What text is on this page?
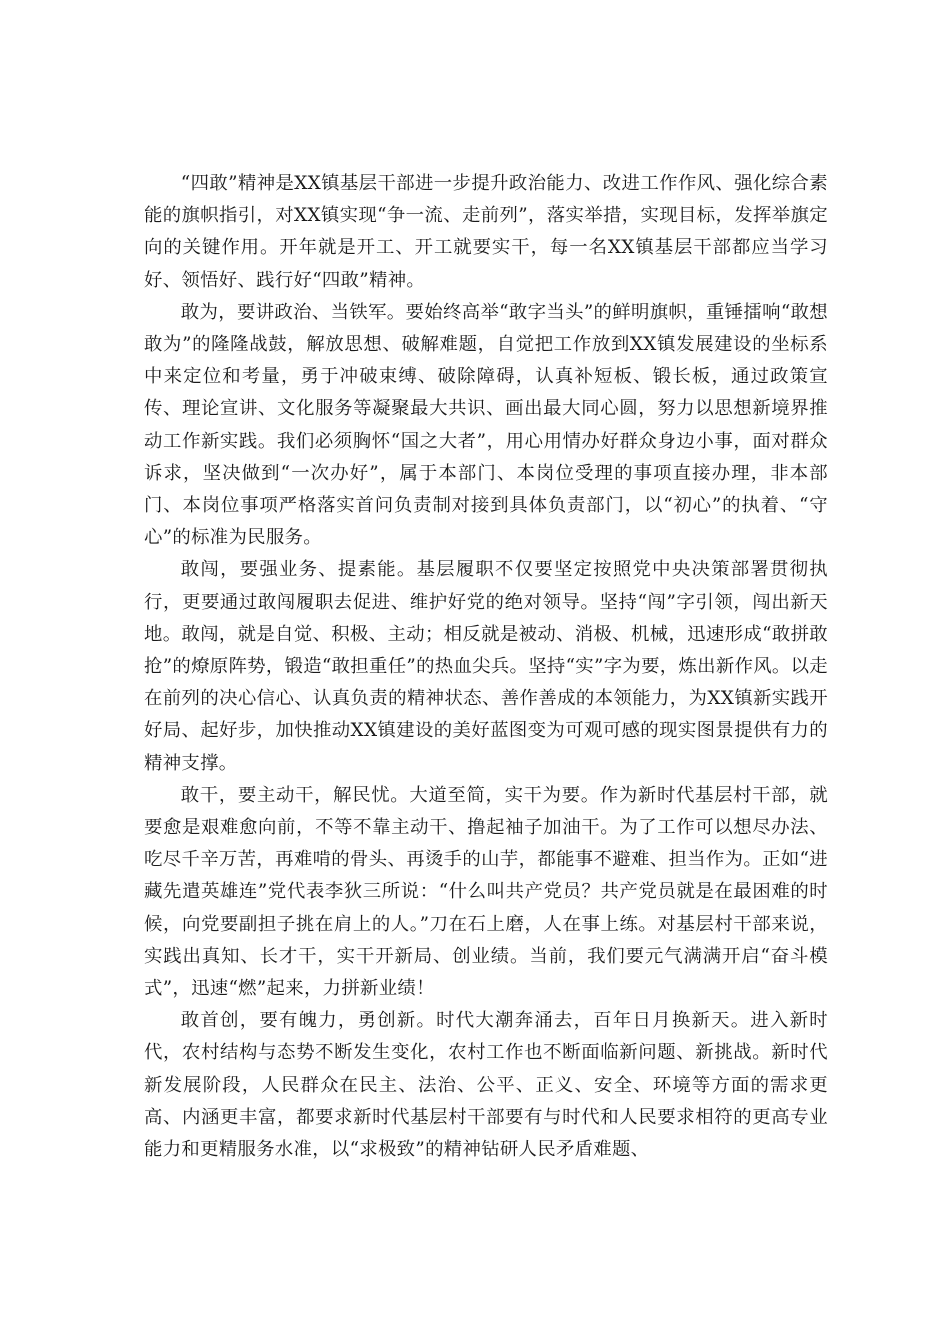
“四敢”精神是XX镇基层干部进一步提升政治能力、改进工作作风、强化综合素能的旗帜指引，对XX镇实现“争一流、走前列”，落实举措，实现目标，发挥举旗定向的关键作用。开年就是开工、开工就要实干，每一名XX镇基层干部都应当学习好、领悟好、践行好“四敢”精神。

敢为，要讲政治、当铁军。要始终高举“敢字当头”的鲜明旗帜，重锤擂响“敢想敢为”的隆隆战鼓，解放思想、破解难题，自觉把工作放到XX镇发展建设的坐标系中来定位和考量，勇于冲破束缚、破除障碍，认真补短板、锻长板，通过政策宣传、理论宣讲、文化服务等凝聚最大共识、画出最大同心圆，努力以思想新境界推动工作新实践。我们必须胸怀“国之大者”，用心用情办好群众身边小事，面对群众诉求，坚决做到“一次办好”，属于本部门、本岗位受理的事项直接办理，非本部门、本岗位事项严格落实首问负责制对接到具体负责部门，以“初心”的执着、“守心”的标准为民服务。

敢闯，要强业务、提素能。基层履职不仅要坚定按照党中央决策部署贯彻执行，更要通过敢闯履职去促进、维护好党的绝对领导。坚持“闯”字引领，闯出新天地。敢闯，就是自觉、积极、主动；相反就是被动、消极、机械，迅速形成“敢拼敢抢”的燎原阵势，锻造“敢担重任”的热血尖兵。坚持“实”字为要，炼出新作风。以走在前列的决心信心、认真负责的精神状态、善作善成的本领能力，为XX镇新实践开好局、起好步，加快推动XX镇建设的美好蓝图变为可观可感的现实图景提供有力的精神支撑。

敢干，要主动干，解民忧。大道至简，实干为要。作为新时代基层村干部，就要愈是艰难愈向前，不等不靠主动干、撸起袖子加油干。为了工作可以想尽办法、吃尽千辛万苦，再难啃的骨头、再烫手的山芋，都能事不避难、担当作为。正如“进藏先遣英雄连”党代表李狄三所说：“什么叫共产党员？共产党员就是在最困难的时候，向党要副担子挑在肩上的人。”刀在石上磨，人在事上练。对基层村干部来说，实践出真知、长才干，实干开新局、创业绩。当前，我们要元气满满开启“奋斗模式”，迅速“燃”起来，力拼新业绩！

敢首创，要有魄力，勇创新。时代大潮奔涌去，百年日月换新天。进入新时代，农村结构与态势不断发生变化，农村工作也不断面临新问题、新挑战。新时代新发展阶段，人民群众在民主、法治、公平、正义、安全、环境等方面的需求更高、内涵更丰富，都要求新时代基层村干部要有与时代和人民要求相符的更高专业能力和更精服务水准，以“求极致”的精神钻研人民矛盾难题、
